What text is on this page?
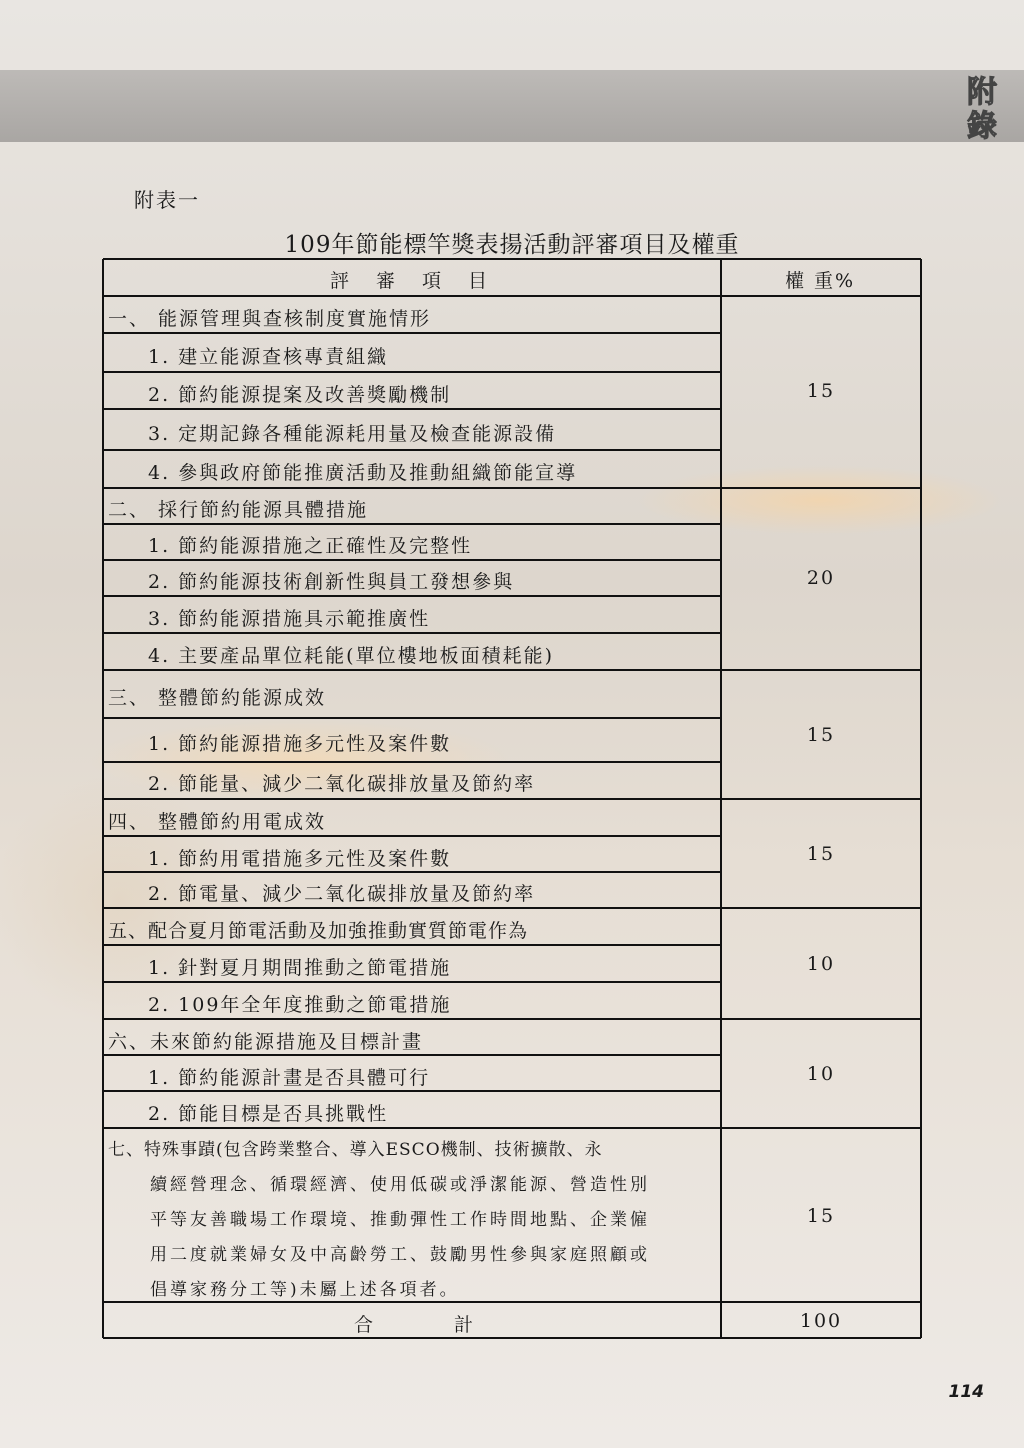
附錄
附表一
109年節能標竿獎表揚活動評審項目及權重
評　審　項　目	權 重%
一、 能源管理與查核制度實施情形
1. 建立能源查核專責組織
2. 節約能源提案及改善獎勵機制
3. 定期記錄各種能源耗用量及檢查能源設備
4. 參與政府節能推廣活動及推動組織節能宣導
15
二、 採行節約能源具體措施
1. 節約能源措施之正確性及完整性
2. 節約能源技術創新性與員工發想參與
3. 節約能源措施具示範推廣性
4. 主要產品單位耗能(單位樓地板面積耗能)
20
三、 整體節約能源成效
1. 節約能源措施多元性及案件數
2. 節能量、減少二氧化碳排放量及節約率
15
四、 整體節約用電成效
1. 節約用電措施多元性及案件數
2. 節電量、減少二氧化碳排放量及節約率
15
五、配合夏月節電活動及加強推動實質節電作為
1. 針對夏月期間推動之節電措施
2. 109年全年度推動之節電措施
10
六、未來節約能源措施及目標計畫
1. 節約能源計畫是否具體可行
2. 節能目標是否具挑戰性
10
七、特殊事蹟(包含跨業整合、導入ESCO機制、技術擴散、永
續經營理念、循環經濟、使用低碳或淨潔能源、營造性別
平等友善職場工作環境、推動彈性工作時間地點、企業僱
用二度就業婦女及中高齡勞工、鼓勵男性參與家庭照顧或
倡導家務分工等)未屬上述各項者。
15
合　　　計	100
114
